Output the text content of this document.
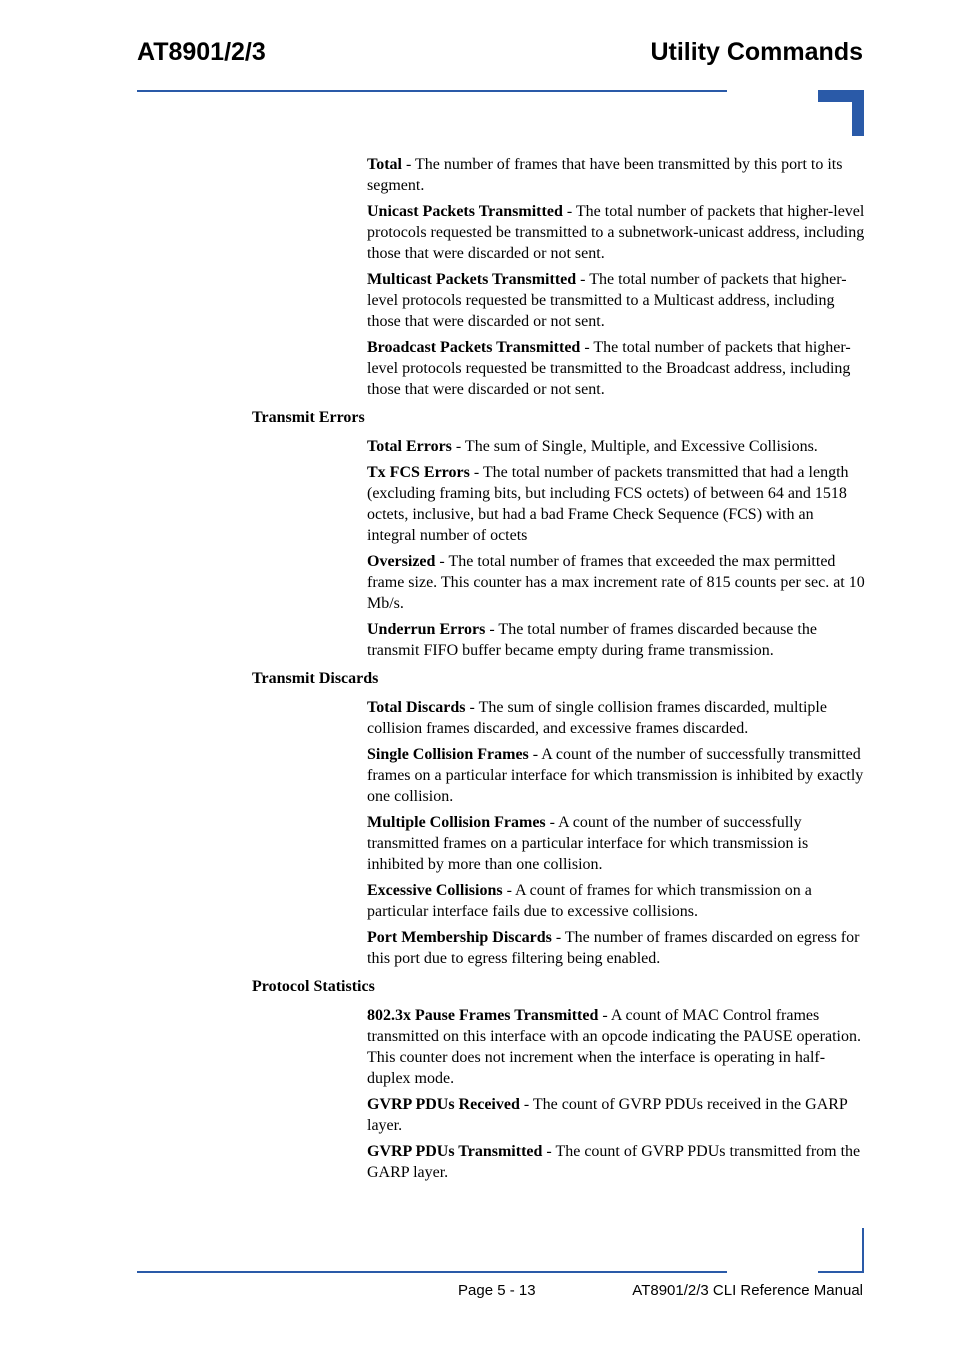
AT8901/2/3	Utility Commands
Total - The number of frames that have been transmitted by this port to its segment.
Unicast Packets Transmitted - The total number of packets that higher-level protocols requested be transmitted to a subnetwork-unicast address, including those that were discarded or not sent.
Multicast Packets Transmitted - The total number of packets that higher-level protocols requested be transmitted to a Multicast address, including those that were discarded or not sent.
Broadcast Packets Transmitted - The total number of packets that higher-level protocols requested be transmitted to the Broadcast address, including those that were discarded or not sent.
Transmit Errors
Total Errors - The sum of Single, Multiple, and Excessive Collisions.
Tx FCS Errors - The total number of packets transmitted that had a length (excluding framing bits, but including FCS octets) of between 64 and 1518 octets, inclusive, but had a bad Frame Check Sequence (FCS) with an integral number of octets
Oversized - The total number of frames that exceeded the max permitted frame size. This counter has a max increment rate of 815 counts per sec. at 10 Mb/s.
Underrun Errors - The total number of frames discarded because the transmit FIFO buffer became empty during frame transmission.
Transmit Discards
Total Discards - The sum of single collision frames discarded, multiple collision frames discarded, and excessive frames discarded.
Single Collision Frames - A count of the number of successfully transmitted frames on a particular interface for which transmission is inhibited by exactly one collision.
Multiple Collision Frames - A count of the number of successfully transmitted frames on a particular interface for which transmission is inhibited by more than one collision.
Excessive Collisions - A count of frames for which transmission on a particular interface fails due to excessive collisions.
Port Membership Discards - The number of frames discarded on egress for this port due to egress filtering being enabled.
Protocol Statistics
802.3x Pause Frames Transmitted - A count of MAC Control frames transmitted on this interface with an opcode indicating the PAUSE operation. This counter does not increment when the interface is operating in half-duplex mode.
GVRP PDUs Received - The count of GVRP PDUs received in the GARP layer.
GVRP PDUs Transmitted - The count of GVRP PDUs transmitted from the GARP layer.
Page 5 - 13	AT8901/2/3 CLI Reference Manual
